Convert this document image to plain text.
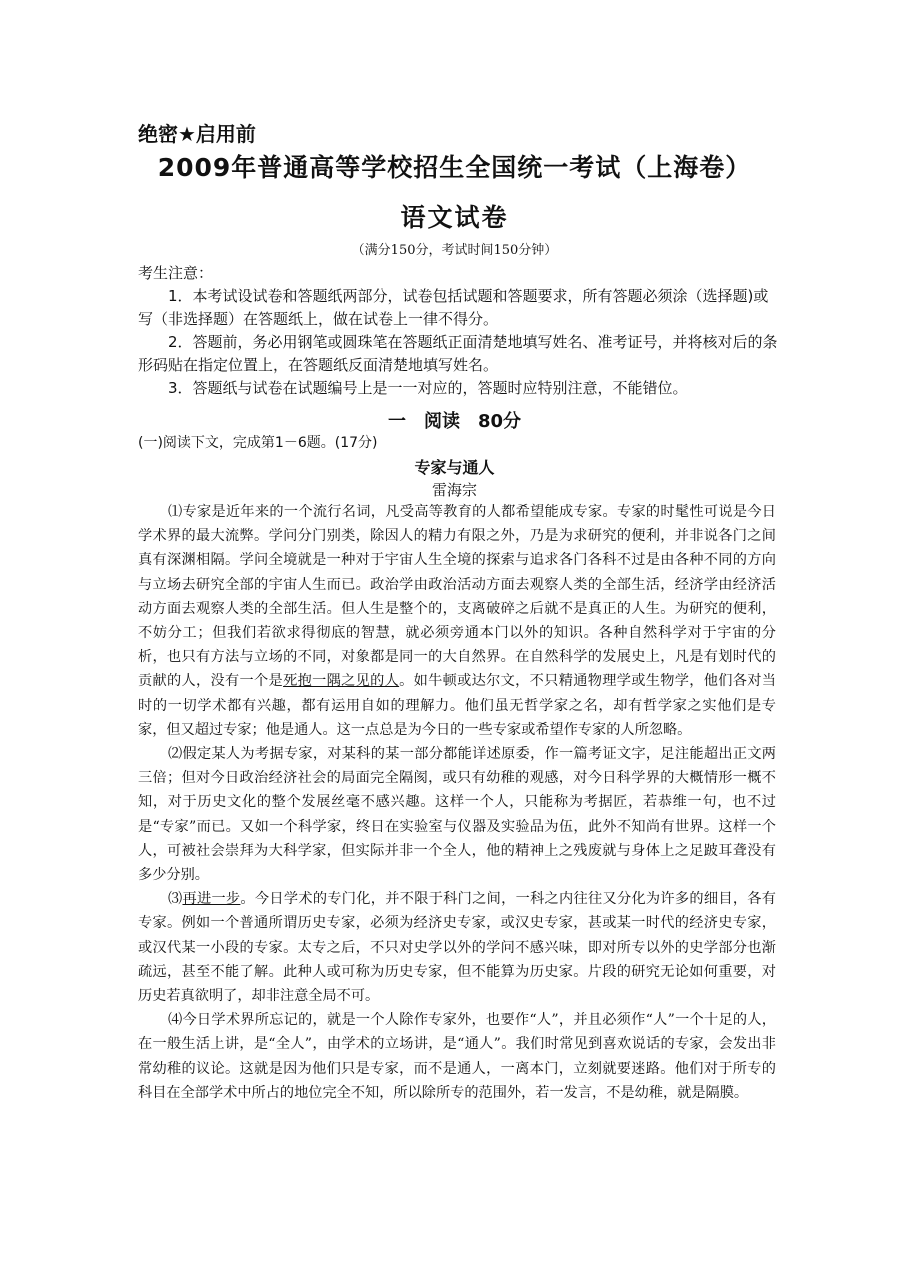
绝密★启用前
2009年普通高等学校招生全国统一考试（上海卷）
语文试卷
（满分150分，考试时间150分钟）

考生注意：

1．本考试设试卷和答题纸两部分，试卷包括试题和答题要求，所有答题必须涂（选择题)或写（非选择题）在答题纸上，做在试卷上一律不得分。

2．答题前，务必用钢笔或圆珠笔在答题纸正面清楚地填写姓名、准考证号，并将核对后的条形码贴在指定位置上，在答题纸反面清楚地填写姓名。

3．答题纸与试卷在试题编号上是一一对应的，答题时应特别注意，不能错位。

一　阅读　80分
(一)阅读下文，完成第1－6题。(17分)
专家与通人
雷海宗

⑴专家是近年来的一个流行名词，凡受高等教育的人都希望能成专家。专家的时髦性可说是今日学术界的最大流弊。学问分门别类，除因人的精力有限之外，乃是为求研究的便利，并非说各门之间真有深渊相隔。学问全境就是一种对于宇宙人生全境的探索与追求各门各科不过是由各种不同的方向与立场去研究全部的宇宙人生而已。政治学由政治活动方面去观察人类的全部生活，经济学由经济活动方面去观察人类的全部生活。但人生是整个的，支离破碎之后就不是真正的人生。为研究的便利，不妨分工；但我们若欲求得彻底的智慧，就必须旁通本门以外的知识。各种自然科学对于宇宙的分析，也只有方法与立场的不同，对象都是同一的大自然界。在自然科学的发展史上，凡是有划时代的贡献的人，没有一个是死抱一隅之见的人。如牛顿或达尔文，不只精通物理学或生物学，他们各对当时的一切学术都有兴趣，都有运用自如的理解力。他们虽无哲学家之名，却有哲学家之实他们是专家，但又超过专家；他是通人。这一点总是为今日的一些专家或希望作专家的人所忽略。

⑵假定某人为考据专家，对某科的某一部分都能详述原委，作一篇考证文字，足注能超出正文两三倍；但对今日政治经济社会的局面完全隔阂，或只有幼稚的观感，对今日科学界的大概情形一概不知，对于历史文化的整个发展丝毫不感兴趣。这样一个人，只能称为考据匠，若恭维一句，也不过是“专家”而已。又如一个科学家，终日在实验室与仪器及实验品为伍，此外不知尚有世界。这样一个人，可被社会崇拜为大科学家，但实际并非一个全人，他的精神上之残废就与身体上之足跛耳聋没有多少分别。

⑶再进一步。今日学术的专门化，并不限于科门之间，一科之内往往又分化为许多的细目，各有专家。例如一个普通所谓历史专家，必须为经济史专家，或汉史专家，甚或某一时代的经济史专家，或汉代某一小段的专家。太专之后，不只对史学以外的学问不感兴味，即对所专以外的史学部分也渐疏远，甚至不能了解。此种人或可称为历史专家，但不能算为历史家。片段的研究无论如何重要，对历史若真欲明了，却非注意全局不可。

⑷今日学术界所忘记的，就是一个人除作专家外，也要作“人”，并且必须作“人”一个十足的人，在一般生活上讲，是“全人”，由学术的立场讲，是“通人”。我们时常见到喜欢说话的专家，会发出非常幼稚的议论。这就是因为他们只是专家，而不是通人，一离本门，立刻就要迷路。他们对于所专的科目在全部学术中所占的地位完全不知，所以除所专的范围外，若一发言，不是幼稚，就是隔膜。
